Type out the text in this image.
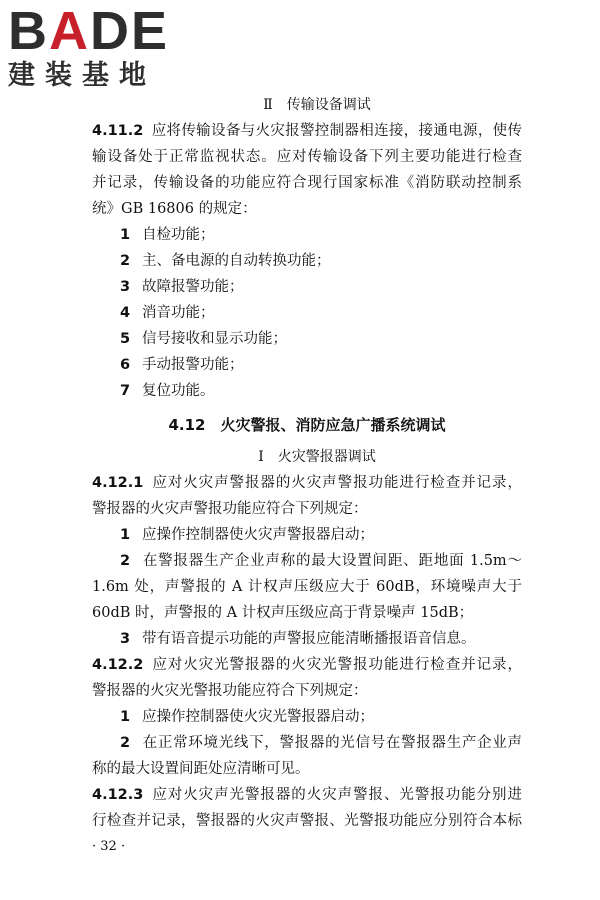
BADE
建装基地

Ⅱ　传输设备调试

4.11.2 应将传输设备与火灾报警控制器相连接，接通电源，使传

输设备处于正常监视状态。应对传输设备下列主要功能进行检查

并记录，传输设备的功能应符合现行国家标准《消防联动控制系

统》GB 16806 的规定：

1 自检功能；

2 主、备电源的自动转换功能；

3 故障报警功能；

4 消音功能；

5 信号接收和显示功能；

6 手动报警功能；

7 复位功能。

4.12　火灾警报、消防应急广播系统调试

Ⅰ　火灾警报器调试

4.12.1 应对火灾声警报器的火灾声警报功能进行检查并记录，

警报器的火灾声警报功能应符合下列规定：

1 应操作控制器使火灾声警报器启动；

2 在警报器生产企业声称的最大设置间距、距地面 1.5m～

1.6m 处，声警报的 A 计权声压级应大于 60dB，环境噪声大于

60dB 时，声警报的 A 计权声压级应高于背景噪声 15dB；

3 带有语音提示功能的声警报应能清晰播报语音信息。

4.12.2 应对火灾光警报器的火灾光警报功能进行检查并记录，

警报器的火灾光警报功能应符合下列规定：

1 应操作控制器使火灾光警报器启动；

2 在正常环境光线下，警报器的光信号在警报器生产企业声

称的最大设置间距处应清晰可见。

4.12.3 应对火灾声光警报器的火灾声警报、光警报功能分别进

行检查并记录，警报器的火灾声警报、光警报功能应分别符合本标

· 32 ·
